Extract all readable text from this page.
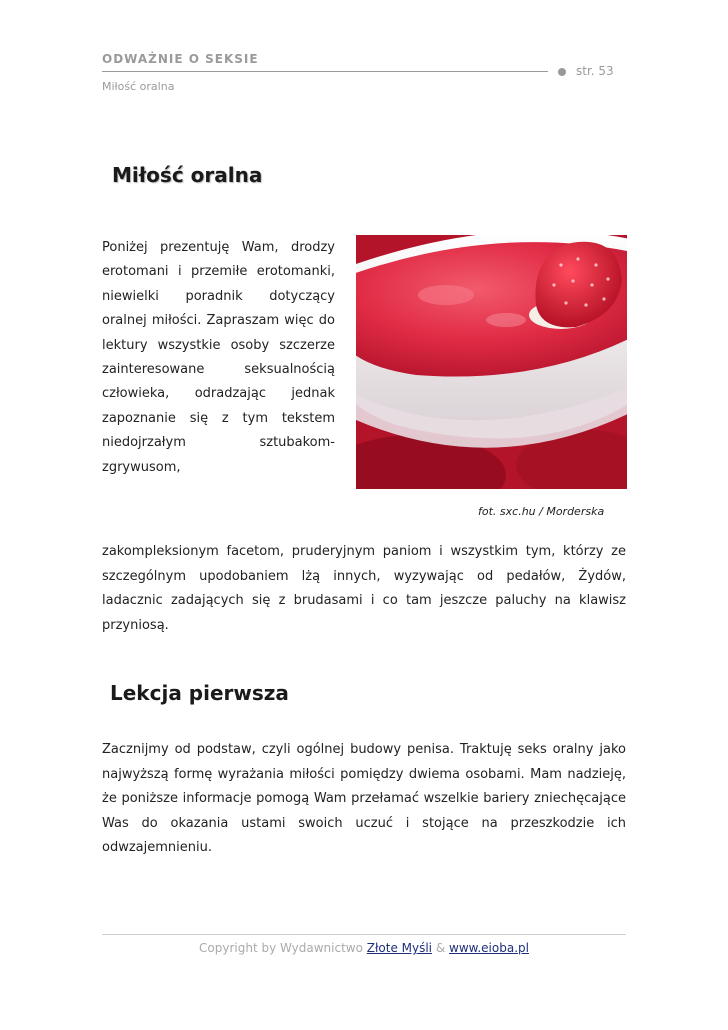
ODWAŻNIE O SEKSIE
str. 53
Miłość oralna
Miłość oralna

Poniżej prezentuję Wam, drodzy erotomani i przemiłe erotomanki, niewielki poradnik dotyczący oralnej miłości. Zapraszam więc do lektury wszystkie osoby szczerze zainteresowane seksualnością człowieka, odradzając jednak zapoznanie się z tym tekstem niedojrzałym sztubakom-zgrywusom,

fot. sxc.hu / Morderska

zakompleksionym facetom, pruderyjnym paniom i wszystkim tym, którzy ze szczególnym upodobaniem lżą innych, wyzywając od pedałów, Żydów, ladacznic zadających się z brudasami i co tam jeszcze paluchy na klawisz przyniosą.

Lekcja pierwsza

Zacznijmy od podstaw, czyli ogólnej budowy penisa. Traktuję seks oralny jako najwyższą formę wyrażania miłości pomiędzy dwiema osobami. Mam nadzieję, że poniższe informacje pomogą Wam przełamać wszelkie bariery zniechęcające Was do okazania ustami swoich uczuć i stojące na przeszkodzie ich odwzajemnieniu.

Copyright by Wydawnictwo Złote Myśli & www.eioba.pl
